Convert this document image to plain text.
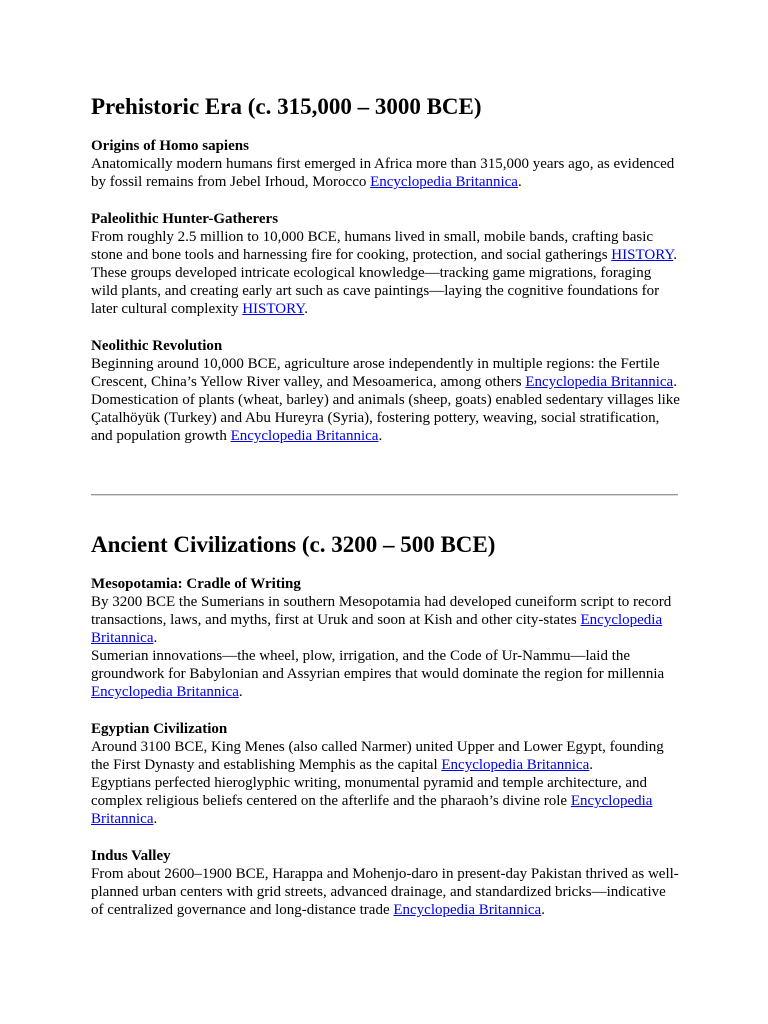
Prehistoric Era (c. 315,000 – 3000 BCE)
Origins of Homo sapiens

Anatomically modern humans first emerged in Africa more than 315,000 years ago, as evidenced by fossil remains from Jebel Irhoud, Morocco Encyclopedia Britannica.

Paleolithic Hunter-Gatherers

From roughly 2.5 million to 10,000 BCE, humans lived in small, mobile bands, crafting basic stone and bone tools and harnessing fire for cooking, protection, and social gatherings HISTORY.

These groups developed intricate ecological knowledge—tracking game migrations, foraging wild plants, and creating early art such as cave paintings—laying the cognitive foundations for later cultural complexity HISTORY.

Neolithic Revolution

Beginning around 10,000 BCE, agriculture arose independently in multiple regions: the Fertile Crescent, China’s Yellow River valley, and Mesoamerica, among others Encyclopedia Britannica.

Domestication of plants (wheat, barley) and animals (sheep, goats) enabled sedentary villages like Çatalhöyük (Turkey) and Abu Hureyra (Syria), fostering pottery, weaving, social stratification, and population growth Encyclopedia Britannica.

Ancient Civilizations (c. 3200 – 500 BCE)
Mesopotamia: Cradle of Writing

By 3200 BCE the Sumerians in southern Mesopotamia had developed cuneiform script to record transactions, laws, and myths, first at Uruk and soon at Kish and other city-states Encyclopedia Britannica.

Sumerian innovations—the wheel, plow, irrigation, and the Code of Ur-Nammu—laid the groundwork for Babylonian and Assyrian empires that would dominate the region for millennia Encyclopedia Britannica.

Egyptian Civilization

Around 3100 BCE, King Menes (also called Narmer) united Upper and Lower Egypt, founding the First Dynasty and establishing Memphis as the capital Encyclopedia Britannica.

Egyptians perfected hieroglyphic writing, monumental pyramid and temple architecture, and complex religious beliefs centered on the afterlife and the pharaoh’s divine role Encyclopedia Britannica.

Indus Valley

From about 2600–1900 BCE, Harappa and Mohenjo-daro in present-day Pakistan thrived as well-planned urban centers with grid streets, advanced drainage, and standardized bricks—indicative of centralized governance and long-distance trade Encyclopedia Britannica.
